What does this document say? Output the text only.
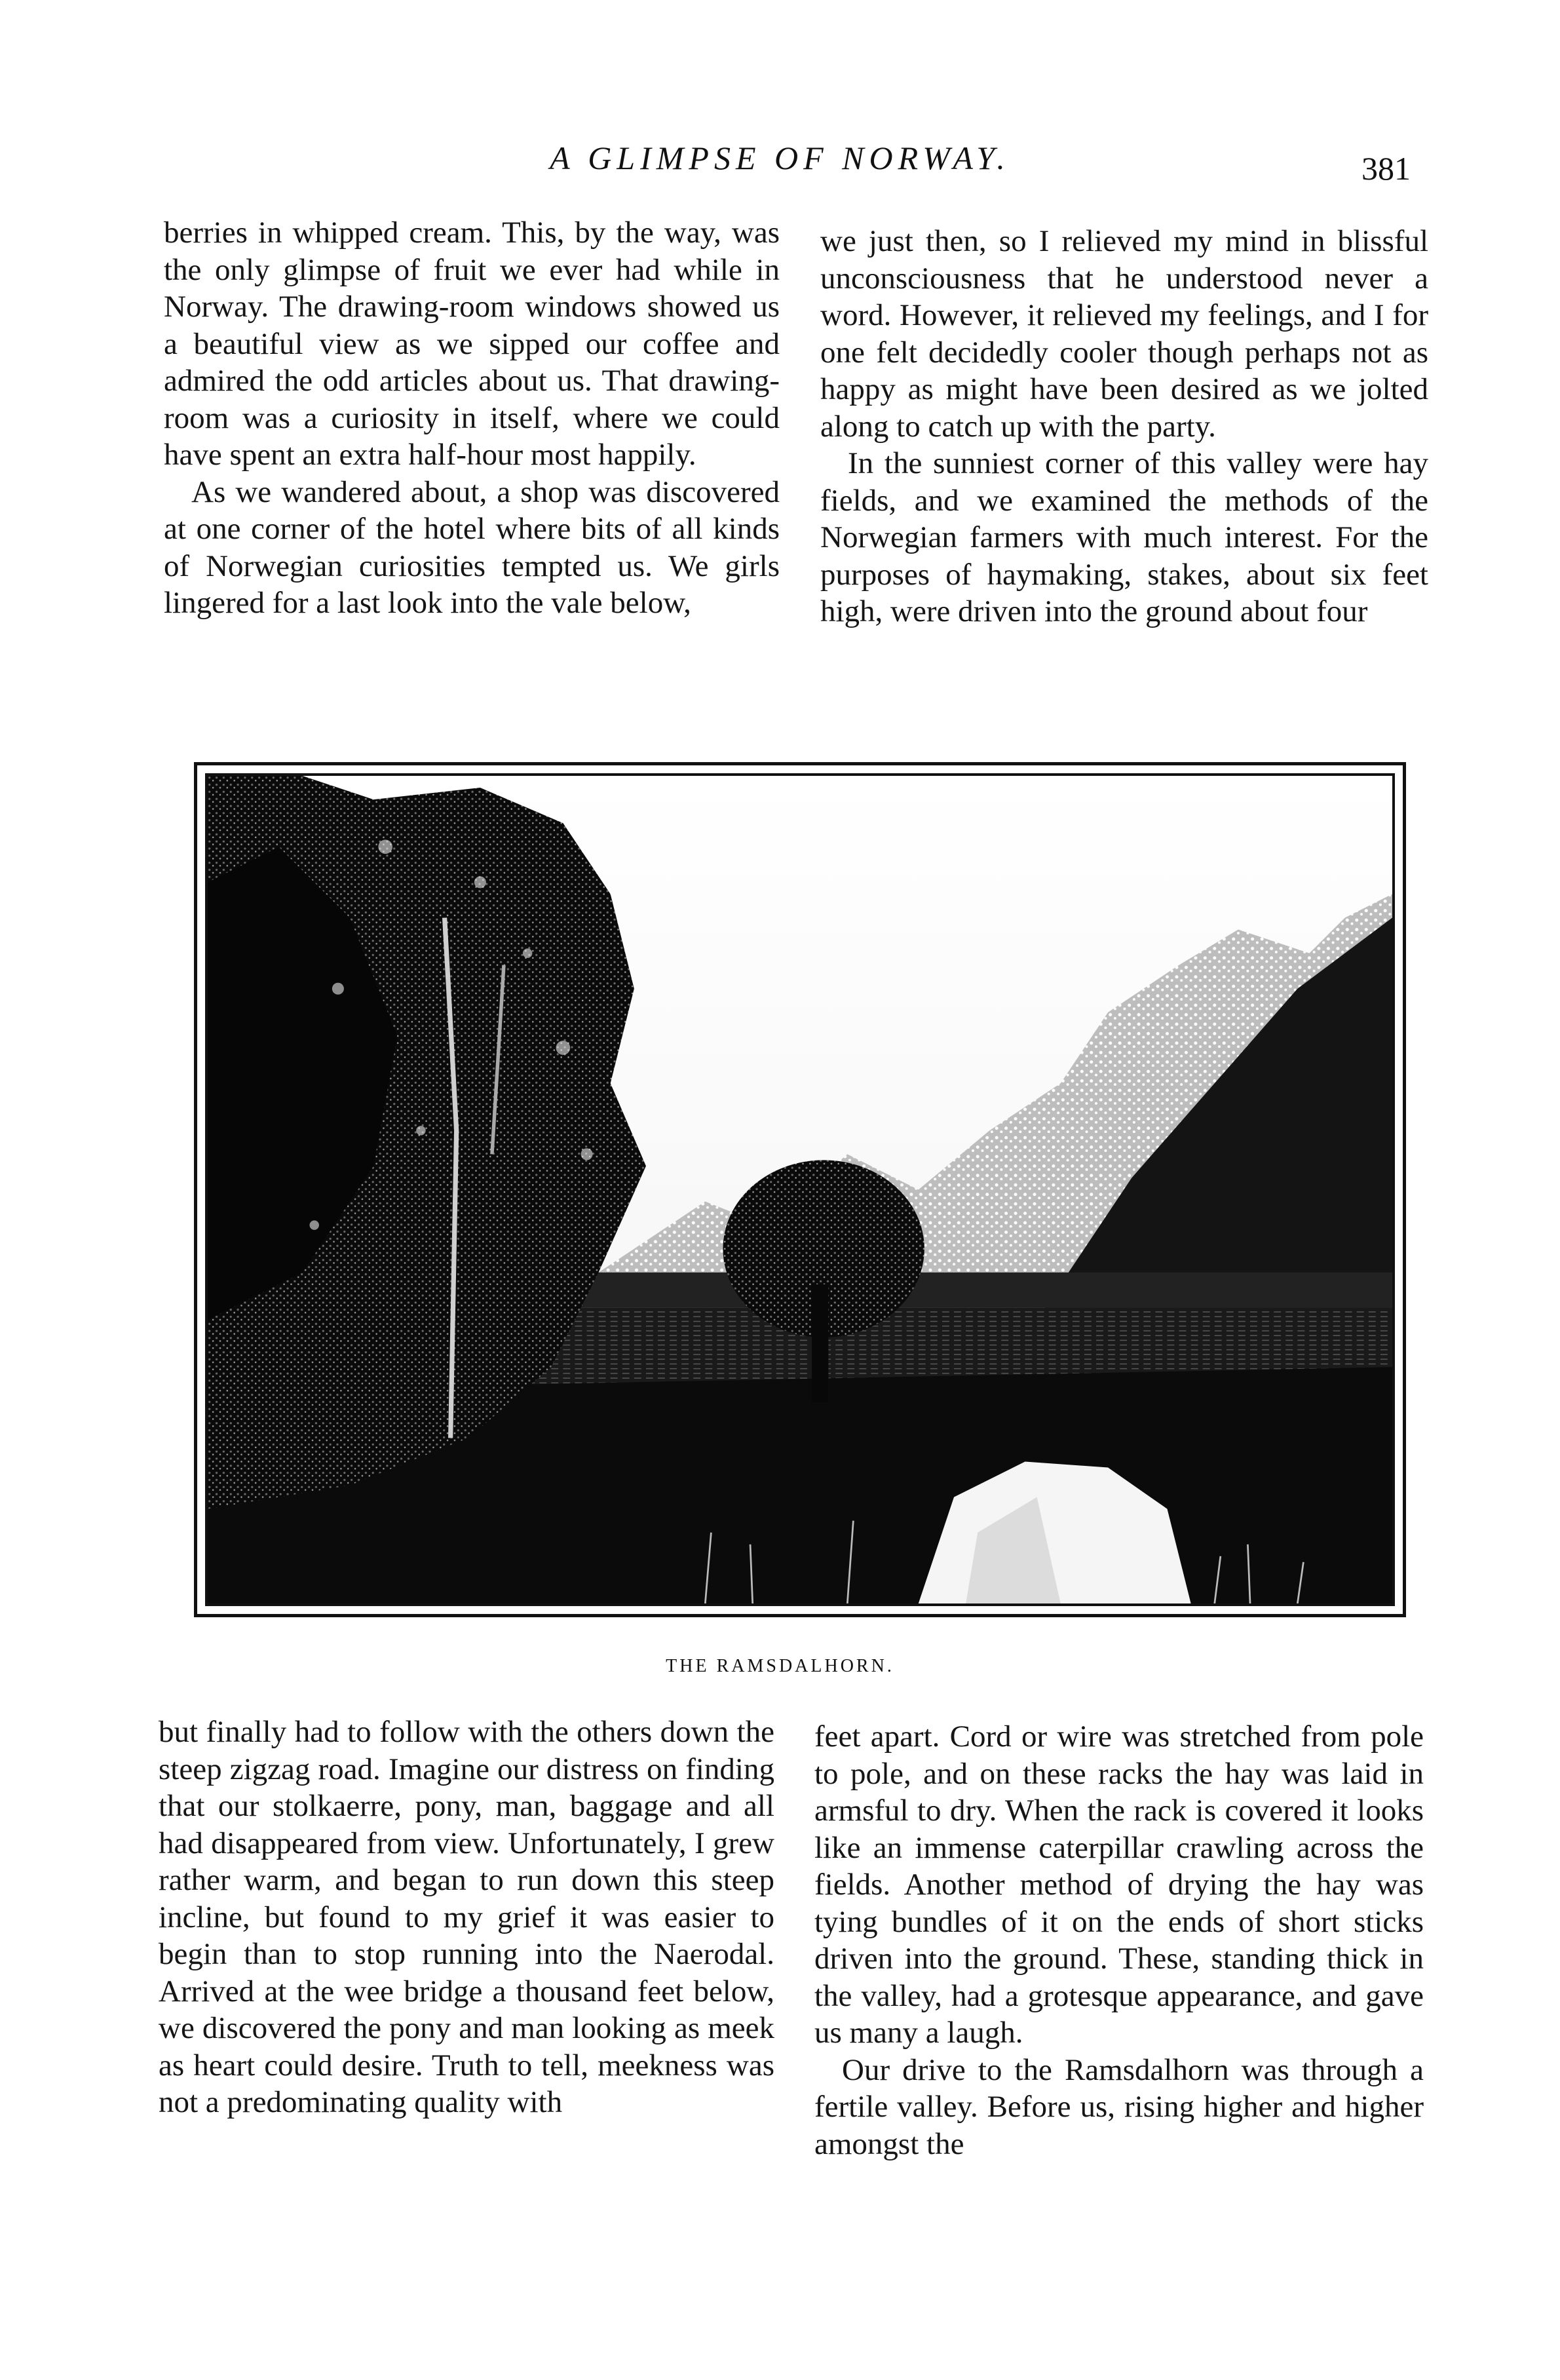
A GLIMPSE OF NORWAY.	381

berries in whipped cream. This, by the way, was the only glimpse of fruit we ever had while in Norway. The drawing-room windows showed us a beautiful view as we sipped our coffee and admired the odd articles about us. That drawing-room was a curiosity in itself, where we could have spent an extra half-hour most happily.

As we wandered about, a shop was discovered at one corner of the hotel where bits of all kinds of Norwegian curiosities tempted us. We girls lingered for a last look into the vale below,

we just then, so I relieved my mind in blissful unconsciousness that he understood never a word. However, it relieved my feelings, and I for one felt decidedly cooler though perhaps not as happy as might have been desired as we jolted along to catch up with the party.

In the sunniest corner of this valley were hay fields, and we examined the methods of the Norwegian farmers with much interest. For the purposes of haymaking, stakes, about six feet high, were driven into the ground about four

THE RAMSDALHORN.

but finally had to follow with the others down the steep zigzag road. Imagine our distress on finding that our stolkaerre, pony, man, baggage and all had disappeared from view. Unfortunately, I grew rather warm, and began to run down this steep incline, but found to my grief it was easier to begin than to stop running into the Naerodal. Arrived at the wee bridge a thousand feet below, we discovered the pony and man looking as meek as heart could desire. Truth to tell, meekness was not a predominating quality with

feet apart. Cord or wire was stretched from pole to pole, and on these racks the hay was laid in armsful to dry. When the rack is covered it looks like an immense caterpillar crawling across the fields. Another method of drying the hay was tying bundles of it on the ends of short sticks driven into the ground. These, standing thick in the valley, had a grotesque appearance, and gave us many a laugh.

Our drive to the Ramsdalhorn was through a fertile valley. Before us, rising higher and higher amongst the
